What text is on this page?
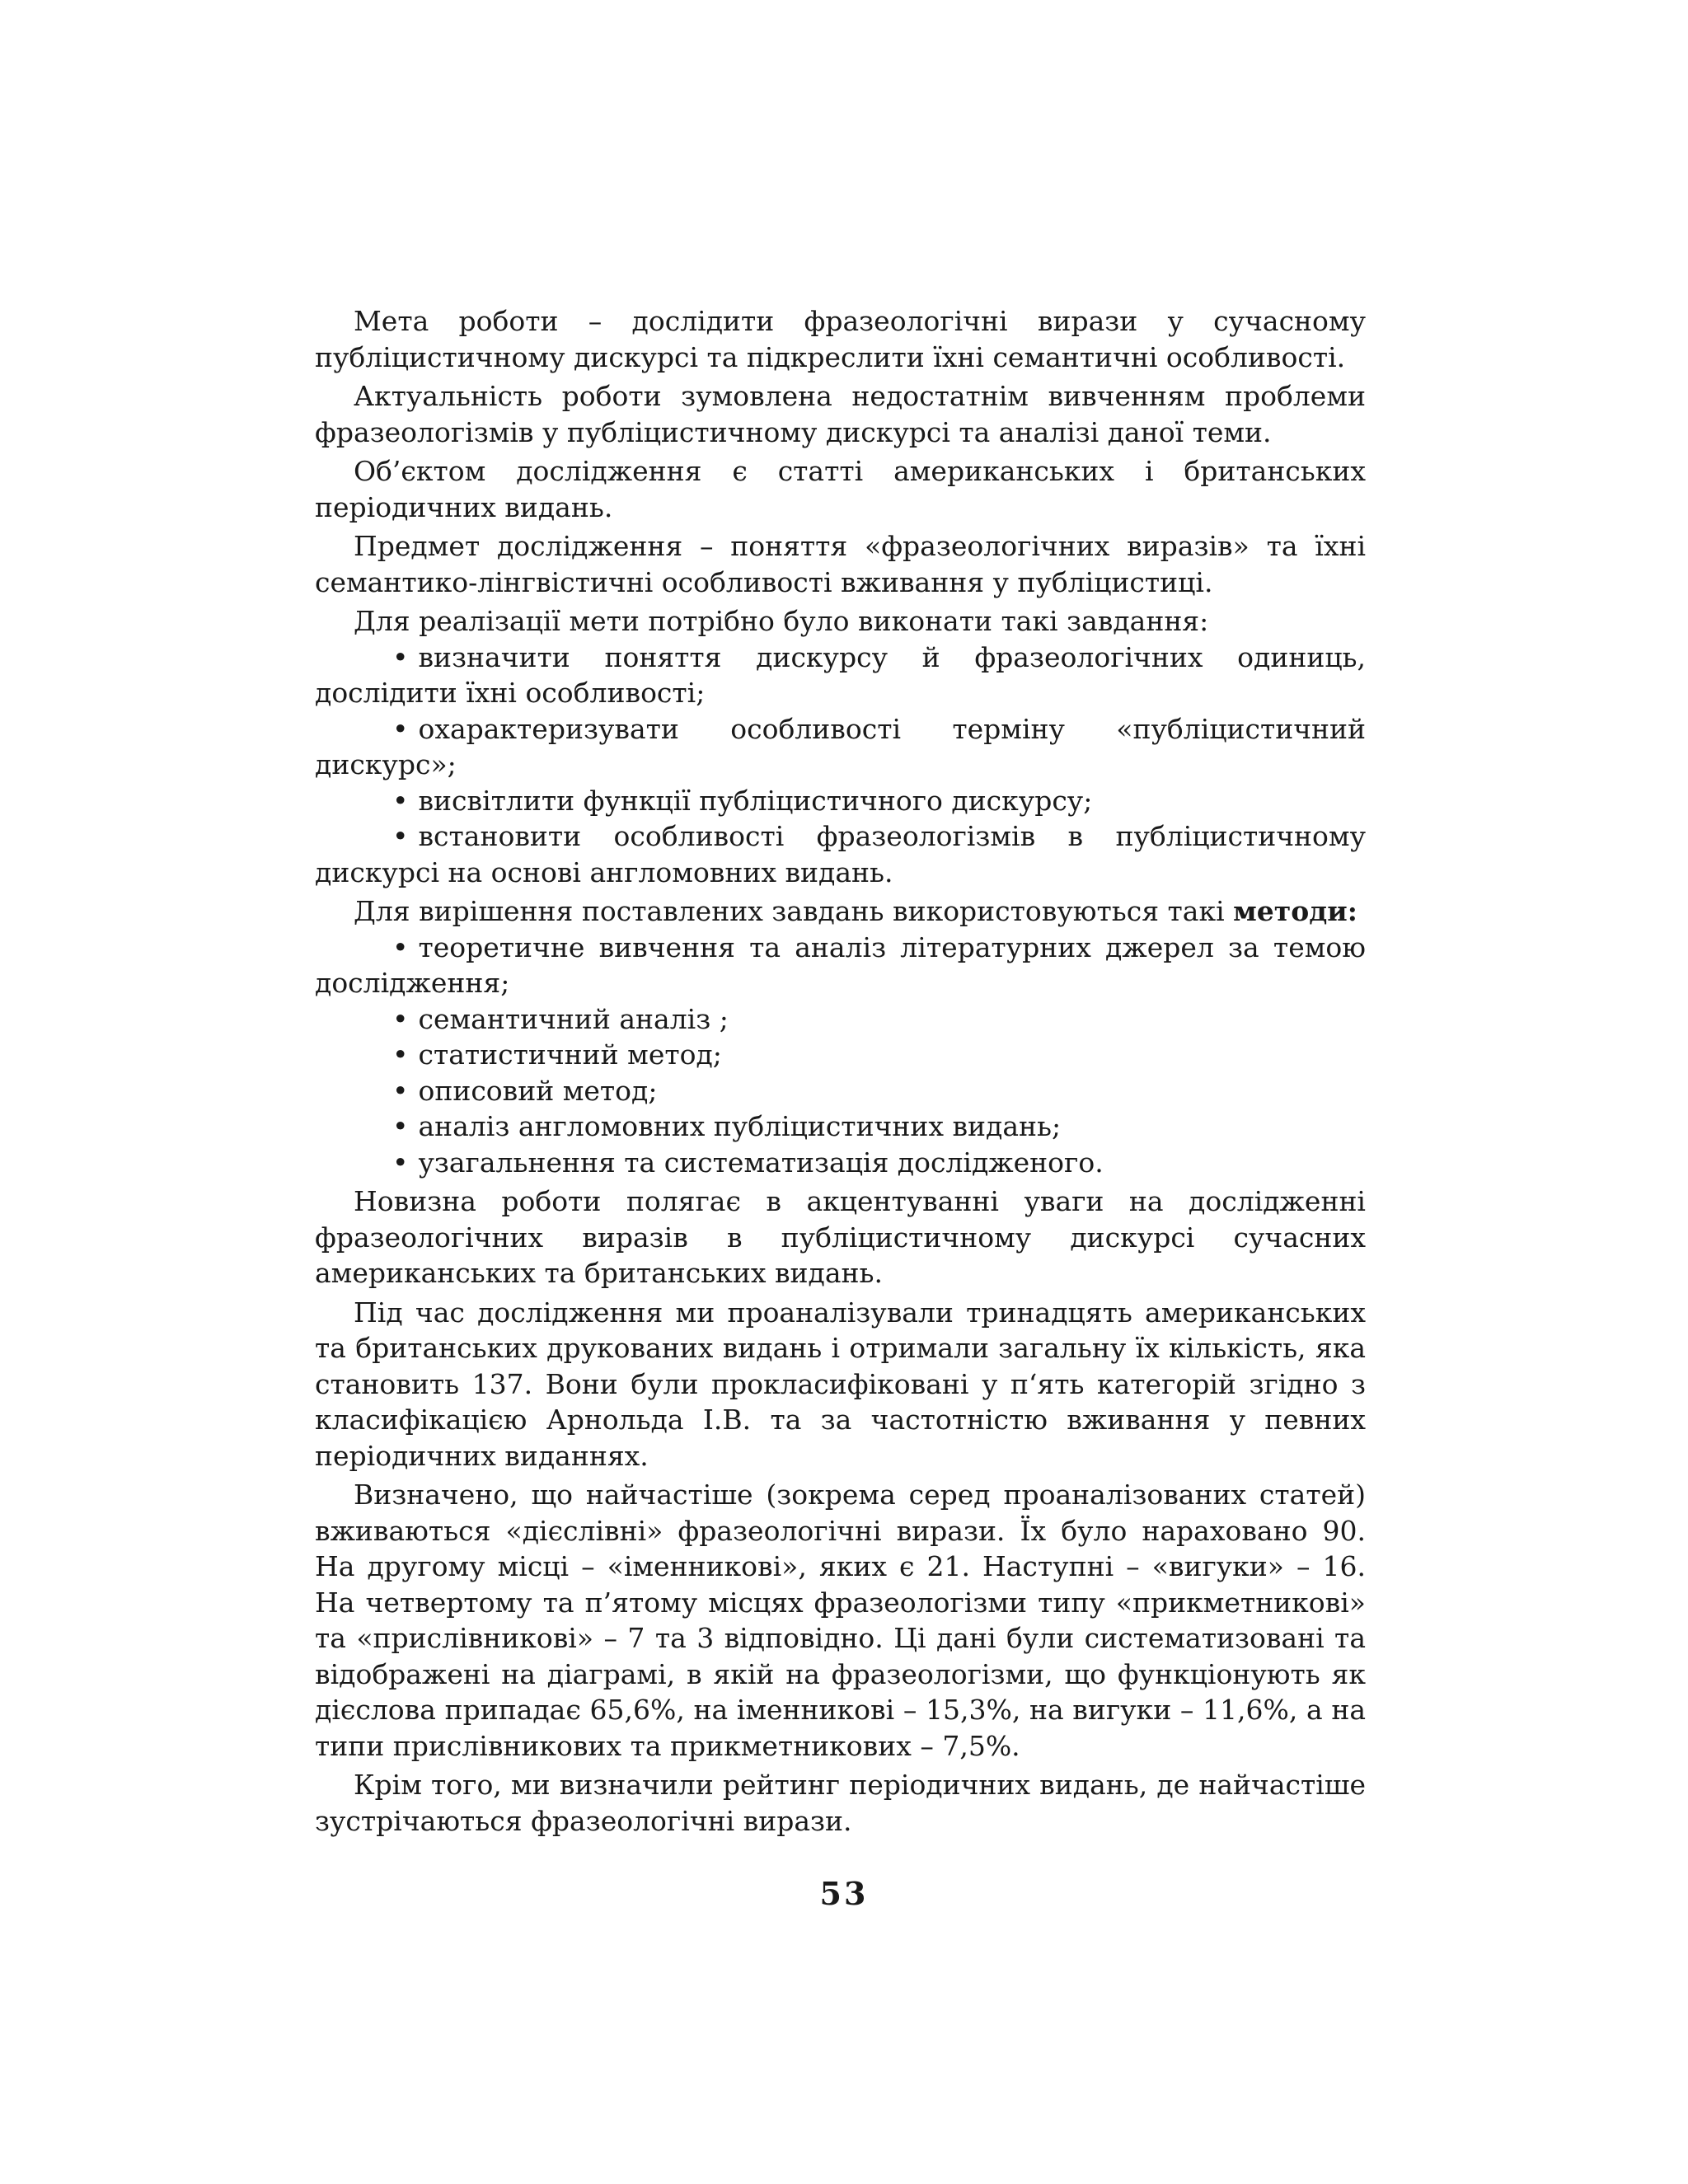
Мета роботи – дослідити фразеологічні вирази у сучасному публіцистичному дискурсі та підкреслити їхні семантичні особливості.

Актуальність роботи зумовлена недостатнім вивченням проблеми фразеологізмів у публіцистичному дискурсі та аналізі даної теми.

Об’єктом дослідження є статті американських і британських періодичних видань.

Предмет дослідження – поняття «фразеологічних виразів» та їхні семантико-лінгвістичні особливості вживання у публіцистиці.

Для реалізації мети потрібно було виконати такі завдання:

• визначити поняття дискурсу й фразеологічних одиниць, дослідити їхні особливості;

• охарактеризувати особливості терміну «публіцистичний дискурс»;

• висвітлити функції публіцистичного дискурсу;

• встановити особливості фразеологізмів в публіцистичному дискурсі на основі англомовних видань.

Для вирішення поставлених завдань використовуються такі методи:

• теоретичне вивчення та аналіз літературних джерел за темою дослідження;

• семантичний аналіз ;

• статистичний метод;

• описовий метод;

• аналіз англомовних публіцистичних видань;

• узагальнення та систематизація дослідженого.

Новизна роботи полягає в акцентуванні уваги на дослідженні фразеологічних виразів в публіцистичному дискурсі сучасних американських та британських видань.

Під час дослідження ми проаналізували тринадцять американських та британських друкованих видань і отримали загальну їх кількість, яка становить 137. Вони були прокласифіковані у п‘ять категорій згідно з класифікацією Арнольда І.В. та за частотністю вживання у певних періодичних виданнях.

Визначено, що найчастіше (зокрема серед проаналізованих статей) вживаються «дієслівні» фразеологічні вирази. Їх було нараховано 90. На другому місці – «іменникові», яких є 21. Наступні – «вигуки» – 16. На четвертому та п’ятому місцях фразеологізми типу «прикметникові» та «прислівникові» – 7 та 3 відповідно. Ці дані були систематизовані та відображені на діаграмі, в якій на фразеологізми, що функціонують як дієслова припадає 65,6%, на іменникові – 15,3%, на вигуки – 11,6%, а на типи прислівникових та прикметникових – 7,5%.

Крім того, ми визначили рейтинг періодичних видань, де найчастіше зустрічаються фразеологічні вирази.

53
